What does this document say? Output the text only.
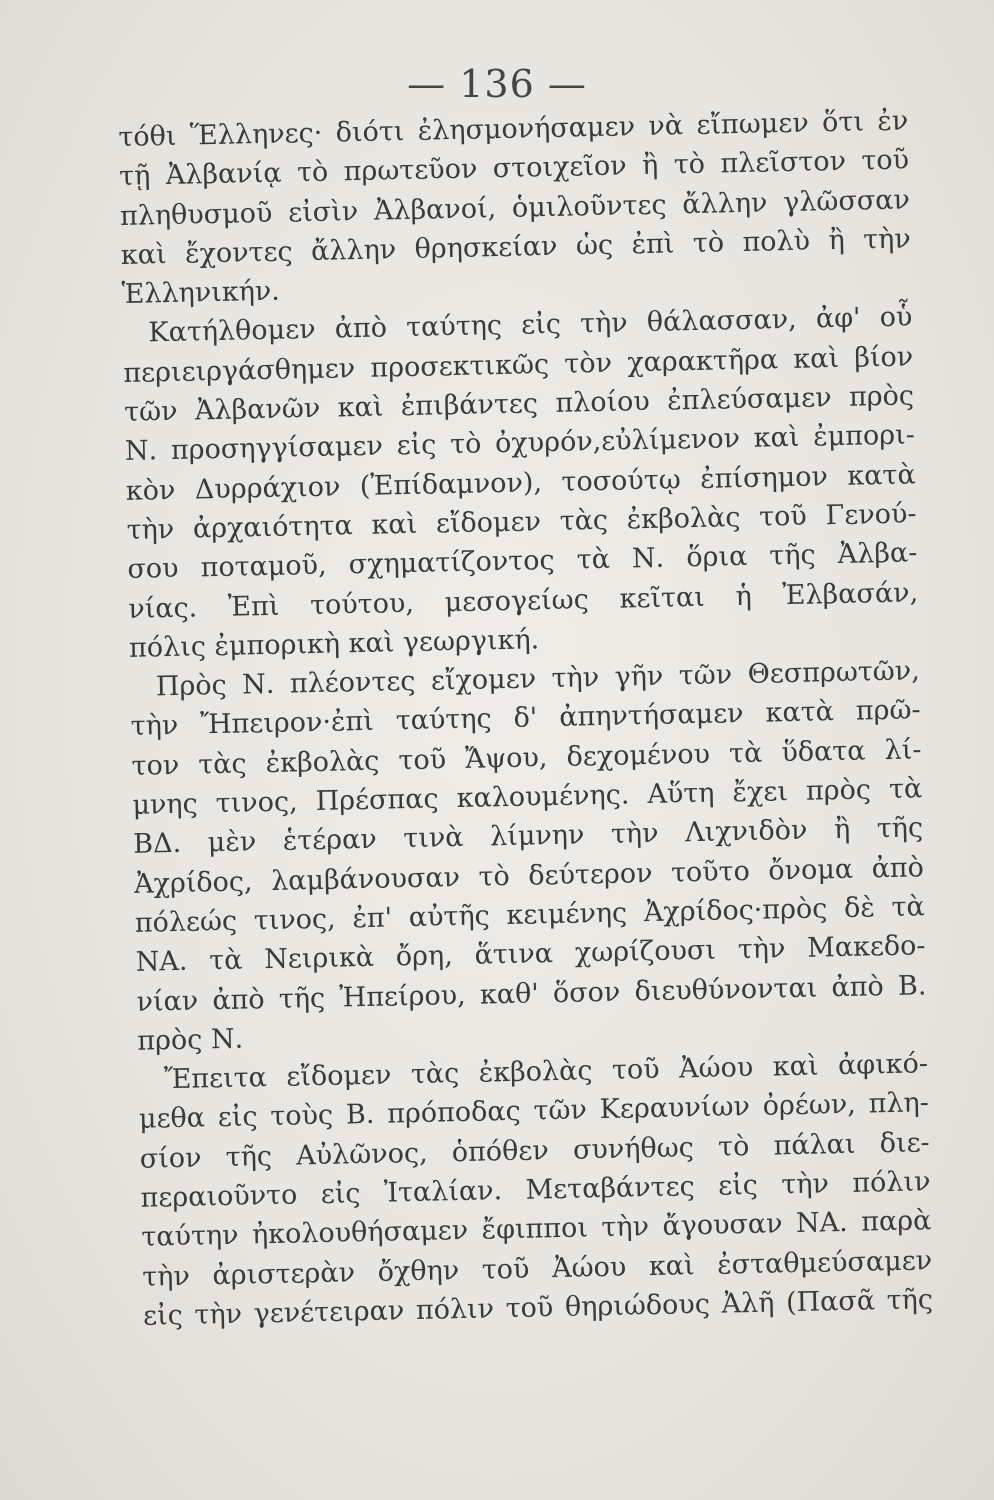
— 136 —
τόθι Ἕλληνες· διότι ἐλησμονήσαμεν νὰ εἴπωμεν ὅτι ἐν
τῇ Ἀλβανίᾳ τὸ πρωτεῦον στοιχεῖον ἢ τὸ πλεῖστον τοῦ
πληθυσμοῦ εἰσὶν Ἀλβανοί, ὁμιλοῦντες ἄλλην γλῶσσαν
καὶ ἔχοντες ἄλλην θρησκείαν ὡς ἐπὶ τὸ πολὺ ἢ τὴν
Ἑλληνικήν.
Κατήλθομεν ἀπὸ ταύτης εἰς τὴν θάλασσαν, ἀφ' οὗ
περιειργάσθημεν προσεκτικῶς τὸν χαρακτῆρα καὶ βίον
τῶν Ἀλβανῶν καὶ ἐπιβάντες πλοίου ἐπλεύσαμεν πρὸς
Ν. προσηγγίσαμεν εἰς τὸ ὀχυρόν,εὐλίμενον καὶ ἐμπορι-
κὸν Δυρράχιον (Ἐπίδαμνον), τοσούτῳ ἐπίσημον κατὰ
τὴν ἀρχαιότητα καὶ εἴδομεν τὰς ἐκβολὰς τοῦ Γενού-
σου ποταμοῦ, σχηματίζοντος τὰ Ν. ὅρια τῆς Ἀλβα-
νίας. Ἐπὶ τούτου, μεσογείως κεῖται ἡ Ἐλβασάν,
πόλις ἐμπορικὴ καὶ γεωργική.
Πρὸς Ν. πλέοντες εἴχομεν τὴν γῆν τῶν Θεσπρωτῶν,
τὴν Ἤπειρον·ἐπὶ ταύτης δ' ἀπηντήσαμεν κατὰ πρῶ-
τον τὰς ἐκβολὰς τοῦ Ἄψου, δεχομένου τὰ ὕδατα λί-
μνης τινος, Πρέσπας καλουμένης. Αὕτη ἔχει πρὸς τὰ
ΒΔ. μὲν ἑτέραν τινὰ λίμνην τὴν Λιχνιδὸν ἢ τῆς
Ἀχρίδος, λαμβάνουσαν τὸ δεύτερον τοῦτο ὄνομα ἀπὸ
πόλεώς τινος, ἐπ' αὐτῆς κειμένης Ἀχρίδος·πρὸς δὲ τὰ
ΝΑ. τὰ Νειρικὰ ὄρη, ἅτινα χωρίζουσι τὴν Μακεδο-
νίαν ἀπὸ τῆς Ἠπείρου, καθ' ὅσον διευθύνονται ἀπὸ Β.
πρὸς Ν.
Ἔπειτα εἴδομεν τὰς ἐκβολὰς τοῦ Ἀώου καὶ ἀφικό-
μεθα εἰς τοὺς Β. πρόποδας τῶν Κεραυνίων ὀρέων, πλη-
σίον τῆς Αὐλῶνος, ὁπόθεν συνήθως τὸ πάλαι διε-
περαιοῦντο εἰς Ἰταλίαν. Μεταβάντες εἰς τὴν πόλιν
ταύτην ἠκολουθήσαμεν ἔφιπποι τὴν ἄγουσαν ΝΑ. παρὰ
τὴν ἀριστερὰν ὄχθην τοῦ Ἀώου καὶ ἐσταθμεύσαμεν
εἰς τὴν γενέτειραν πόλιν τοῦ θηριώδους Ἀλῆ (Πασᾶ τῆς
